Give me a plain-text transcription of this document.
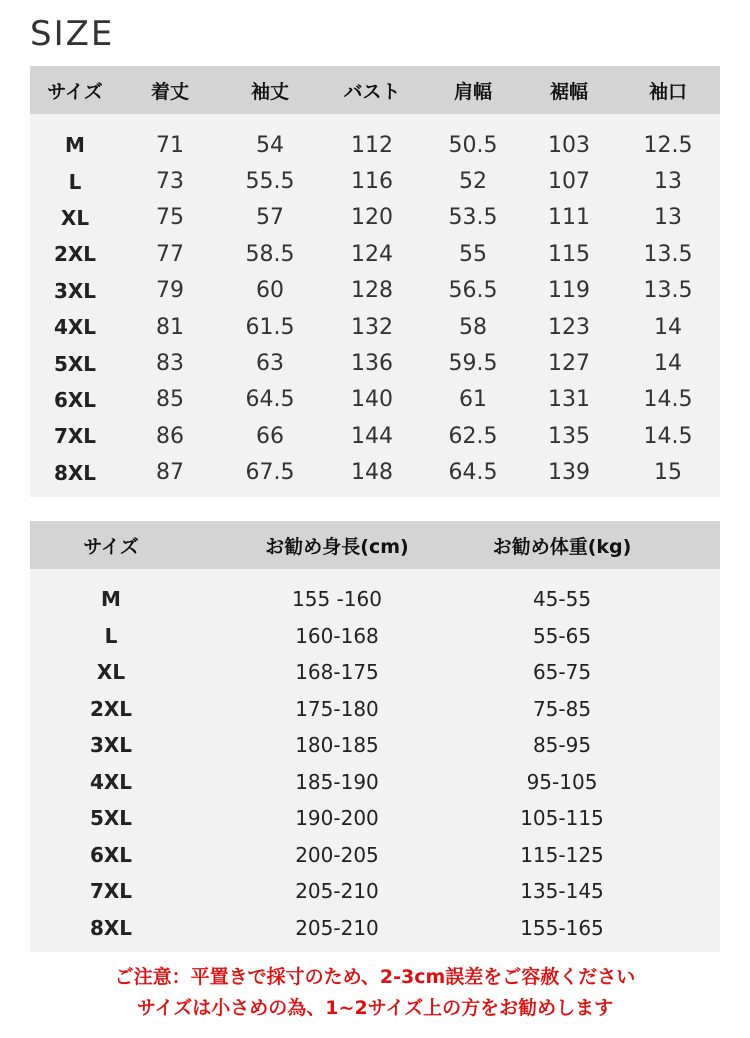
SIZE
サイズ	着丈	袖丈	バスト	肩幅	裾幅	袖口
M	71	54	112	50.5	103	12.5
L	73	55.5	116	52	107	13
XL	75	57	120	53.5	111	13
2XL	77	58.5	124	55	115	13.5
3XL	79	60	128	56.5	119	13.5
4XL	81	61.5	132	58	123	14
5XL	83	63	136	59.5	127	14
6XL	85	64.5	140	61	131	14.5
7XL	86	66	144	62.5	135	14.5
8XL	87	67.5	148	64.5	139	15
サイズ	お勧め身長(cm)	お勧め体重(kg)
M	155 -160	45-55
L	160-168	55-65
XL	168-175	65-75
2XL	175-180	75-85
3XL	180-185	85-95
4XL	185-190	95-105
5XL	190-200	105-115
6XL	200-205	115-125
7XL	205-210	135-145
8XL	205-210	155-165
ご注意：平置きで採寸のため、2-3cm誤差をご容赦ください
サイズは小さめの為、1~2サイズ上の方をお勧めします
